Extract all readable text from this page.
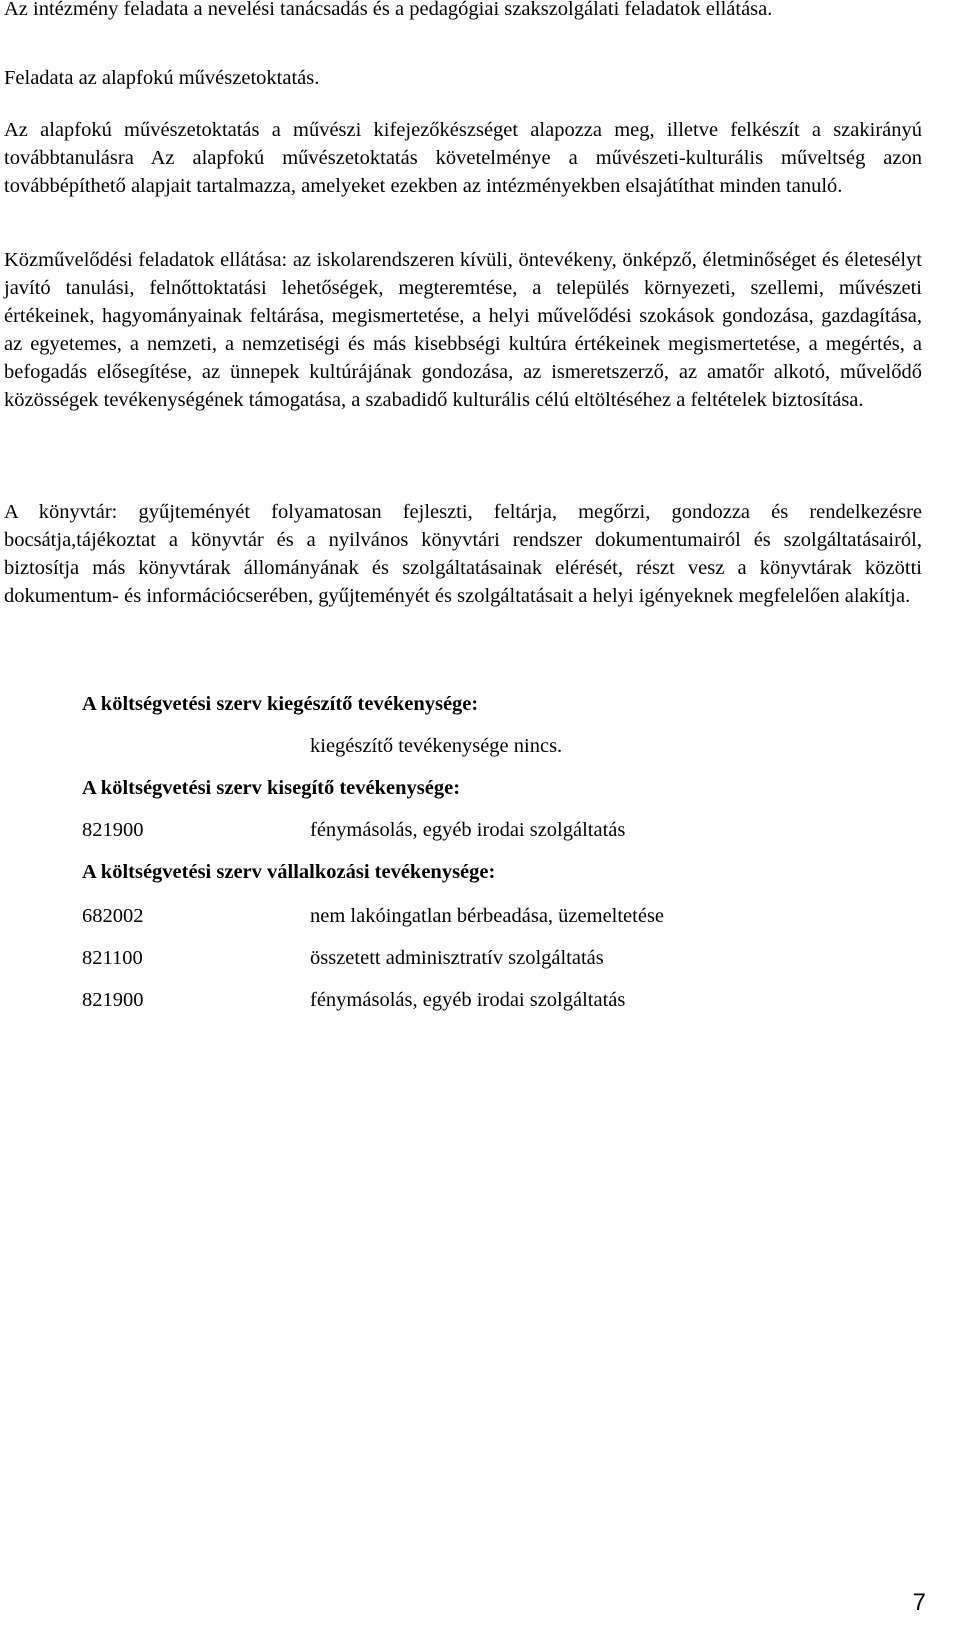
Az intézmény feladata a nevelési tanácsadás és a pedagógiai szakszolgálati feladatok ellátása.

Feladata az alapfokú művészetoktatás.

Az alapfokú művészetoktatás a művészi kifejezőkészséget alapozza meg, illetve felkészít a szakirányú továbbtanulásra Az alapfokú művészetoktatás követelménye a művészeti-kulturális műveltség azon továbbépíthető alapjait tartalmazza, amelyeket ezekben az intézményekben elsajátíthat minden tanuló.

Közművelődési feladatok ellátása: az iskolarendszeren kívüli, öntevékeny, önképző, életminőséget és életesélyt javító tanulási, felnőttoktatási lehetőségek, megteremtése, a település környezeti, szellemi, művészeti értékeinek, hagyományainak feltárása, megismertetése, a helyi művelődési szokások gondozása, gazdagítása, az egyetemes, a nemzeti, a nemzetiségi és más kisebbségi kultúra értékeinek megismertetése, a megértés, a befogadás elősegítése, az ünnepek kultúrájának gondozása, az ismeretszerző, az amatőr alkotó, művelődő közösségek tevékenységének támogatása, a szabadidő kulturális célú eltöltéséhez a feltételek biztosítása.

A könyvtár: gyűjteményét folyamatosan fejleszti, feltárja, megőrzi, gondozza és rendelkezésre bocsátja,tájékoztat a könyvtár és a nyilvános könyvtári rendszer dokumentumairól és szolgáltatásairól, biztosítja más könyvtárak állományának és szolgáltatásainak elérését, részt vesz a könyvtárak közötti dokumentum- és információcserében, gyűjteményét és szolgáltatásait a helyi igényeknek megfelelően alakítja.

A költségvetési szerv kiegészítő tevékenysége:
kiegészítő tevékenysége nincs.
A költségvetési szerv kisegítő tevékenysége:
821900	fénymásolás, egyéb irodai szolgáltatás
A költségvetési szerv vállalkozási tevékenysége:
682002	nem lakóingatlan bérbeadása, üzemeltetése
821100	összetett adminisztratív szolgáltatás
821900	fénymásolás, egyéb irodai szolgáltatás
7
